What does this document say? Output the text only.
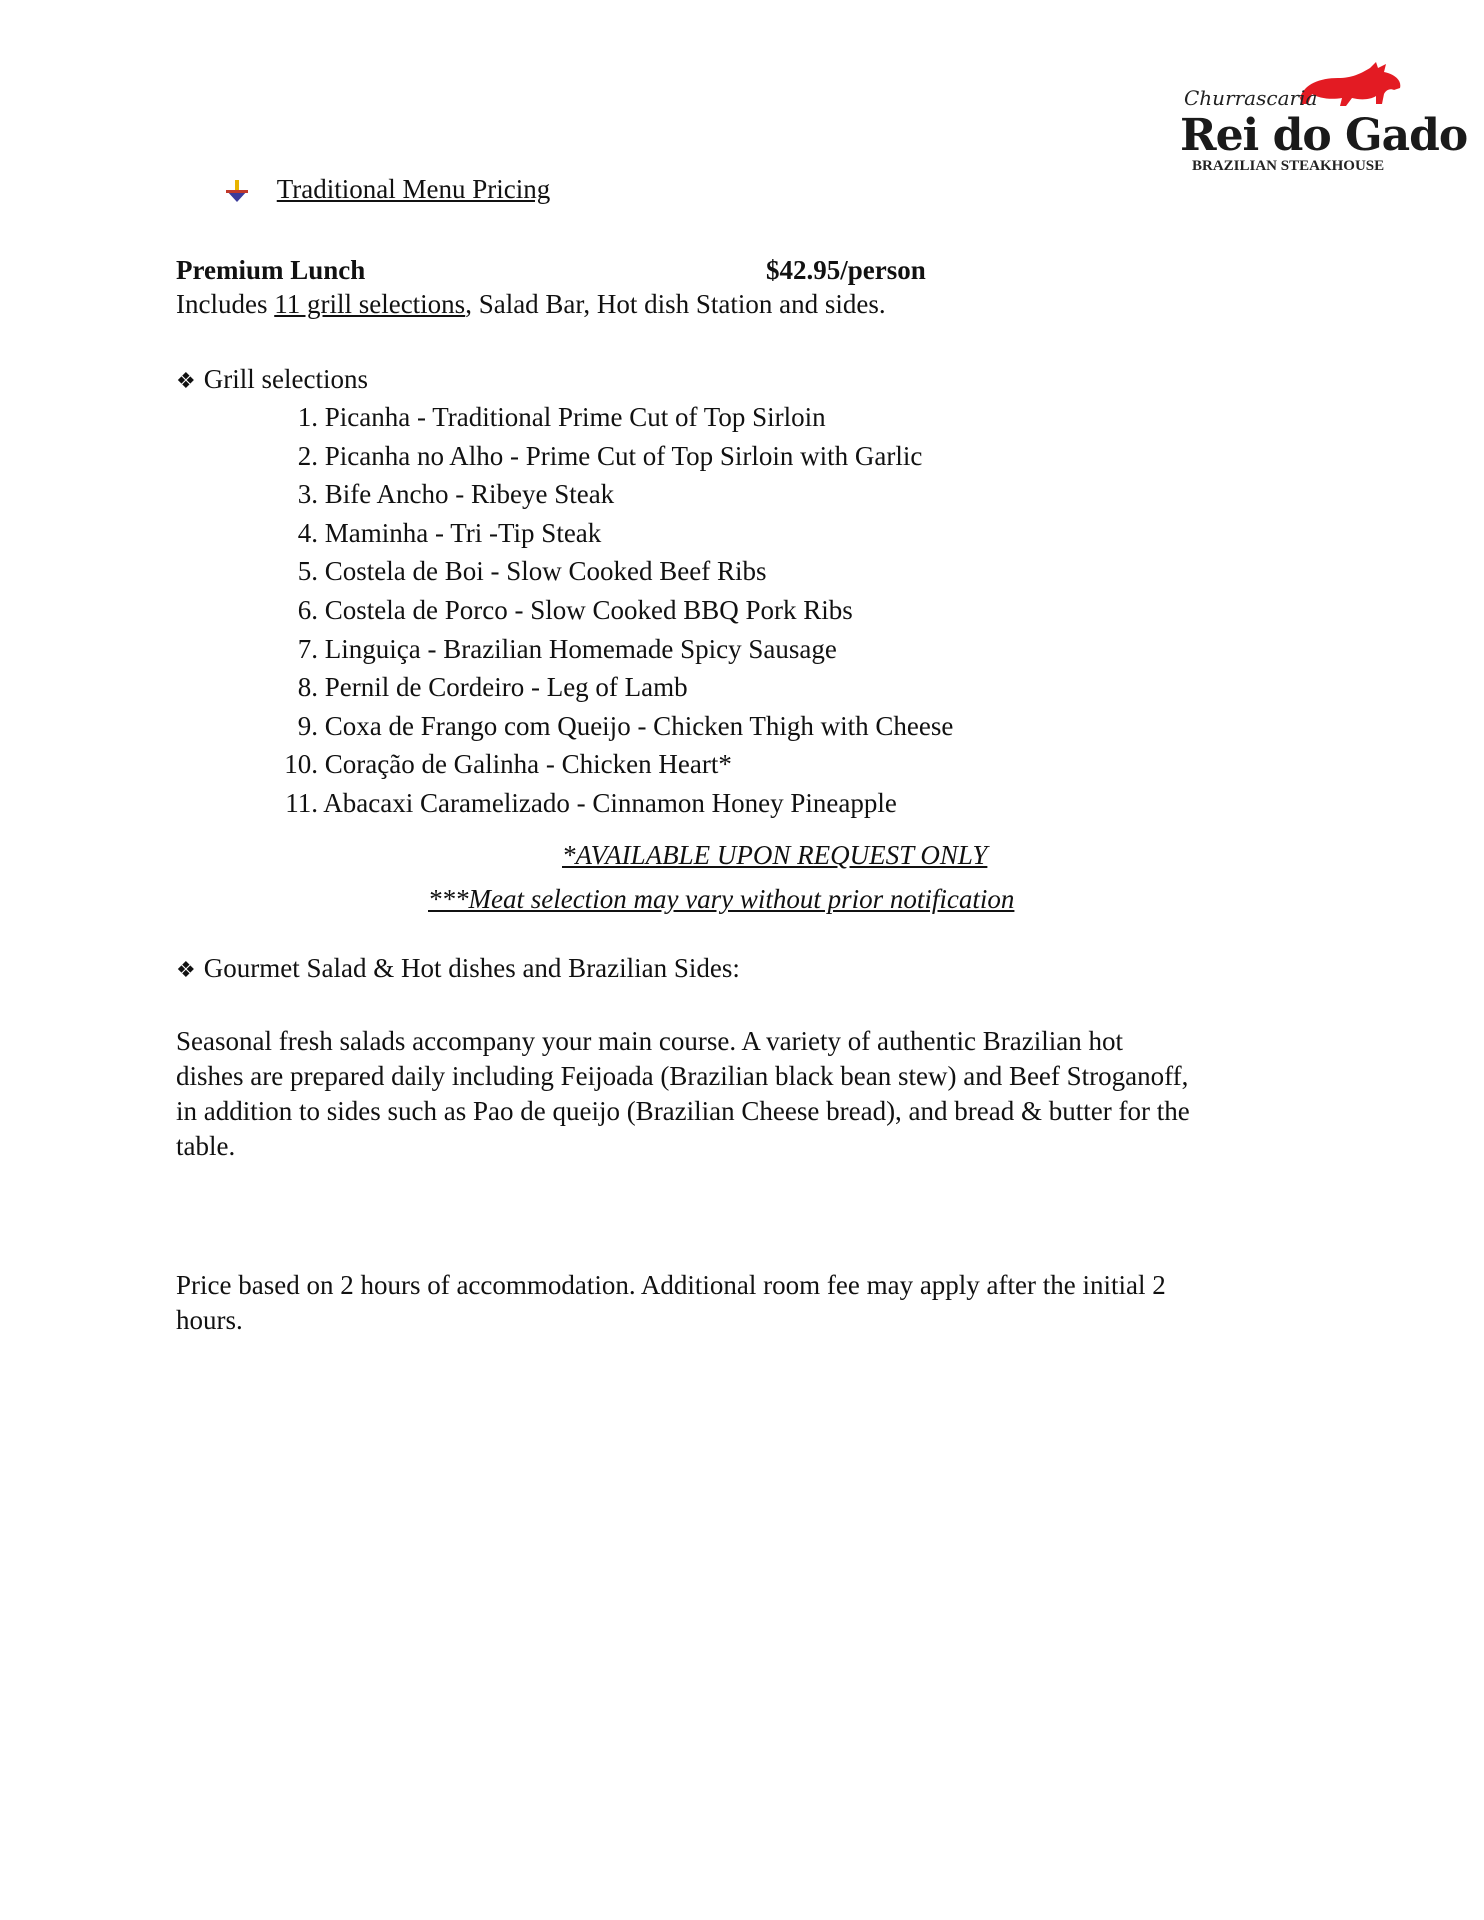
Churrascaria
Rei do Gado
BRAZILIAN STEAKHOUSE
Traditional Menu Pricing
Premium Lunch	$42.95/person
Includes 11 grill selections, Salad Bar, Hot dish Station and sides.
❖ Grill selections
1. Picanha - Traditional Prime Cut of Top Sirloin
2. Picanha no Alho - Prime Cut of Top Sirloin with Garlic
3. Bife Ancho - Ribeye Steak
4. Maminha - Tri -Tip Steak
5. Costela de Boi - Slow Cooked Beef Ribs
6. Costela de Porco - Slow Cooked BBQ Pork Ribs
7. Linguiça - Brazilian Homemade Spicy Sausage
8. Pernil de Cordeiro - Leg of Lamb
9. Coxa de Frango com Queijo - Chicken Thigh with Cheese
10. Coração de Galinha - Chicken Heart*
11. Abacaxi Caramelizado - Cinnamon Honey Pineapple
*AVAILABLE UPON REQUEST ONLY
***Meat selection may vary without prior notification
❖ Gourmet Salad & Hot dishes and Brazilian Sides:
Seasonal fresh salads accompany your main course. A variety of authentic Brazilian hot dishes are prepared daily including Feijoada (Brazilian black bean stew) and Beef Stroganoff, in addition to sides such as Pao de queijo (Brazilian Cheese bread), and bread & butter for the table.
Price based on 2 hours of accommodation. Additional room fee may apply after the initial 2 hours.
